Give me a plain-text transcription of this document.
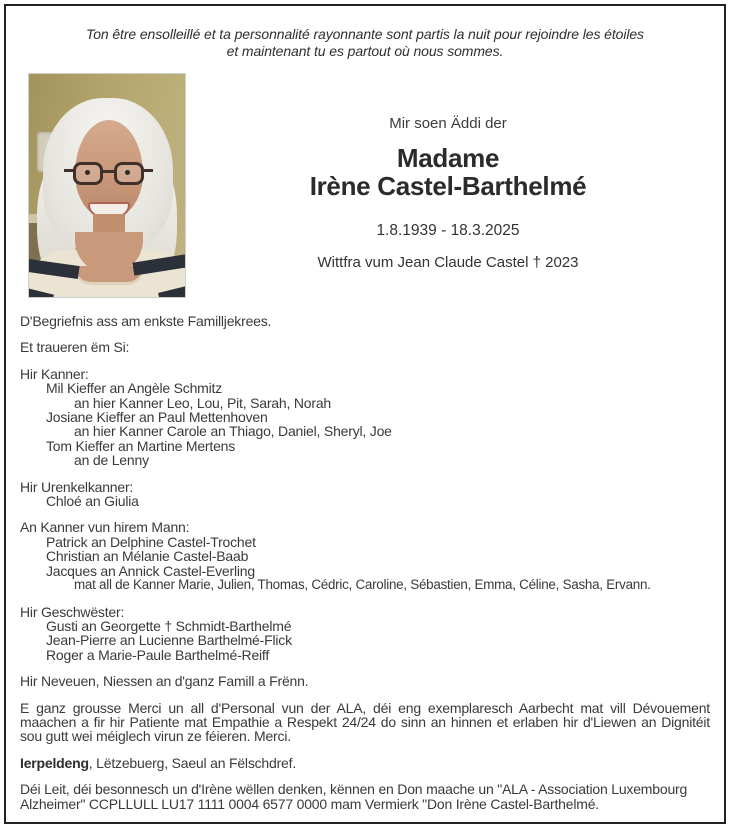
Ton être ensolleillé et ta personnalité rayonnante sont partis la nuit pour rejoindre les étoiles
et maintenant tu es partout où nous sommes.
Mir soen Äddi der
Madame
Irène Castel-Barthelmé
1.8.1939 - 18.3.2025
Wittfra vum Jean Claude Castel † 2023
D'Begriefnis ass am enkste Familljekrees.
Et traueren ëm Si:
Hir Kanner:
Mil Kieffer an Angèle Schmitz
an hier Kanner Leo, Lou, Pit, Sarah, Norah
Josiane Kieffer an Paul Mettenhoven
an hier Kanner Carole an Thiago, Daniel, Sheryl, Joe
Tom Kieffer an Martine Mertens
an de Lenny
Hir Urenkelkanner:
Chloé an Giulia
An Kanner vun hirem Mann:
Patrick an Delphine Castel-Trochet
Christian an Mélanie Castel-Baab
Jacques an Annick Castel-Everling
mat all de Kanner Marie, Julien, Thomas, Cédric, Caroline, Sébastien, Emma, Céline, Sasha, Ervann.
Hir Geschwëster:
Gusti an Georgette † Schmidt-Barthelmé
Jean-Pierre an Lucienne Barthelmé-Flick
Roger a Marie-Paule Barthelmé-Reiff
Hir Neveuen, Niessen an d'ganz Famill a Frënn.
E ganz grousse Merci un all d'Personal vun der ALA, déi eng exemplaresch Aarbecht mat vill Dévouement maachen a fir hir Patiente mat Empathie a Respekt 24/24 do sinn an hinnen et erlaben hir d'Liewen an Dignitéit sou gutt wei méiglech virun ze féieren. Merci.
Ierpeldeng, Lëtzebuerg, Saeul an Fëlschdref.
Déi Leit, déi besonnesch un d'Irène wëllen denken, kënnen en Don maache un "ALA - Association Luxembourg Alzheimer" CCPLLULL LU17 1111 0004 6577 0000 mam Vermierk "Don Irène Castel-Barthelmé.
